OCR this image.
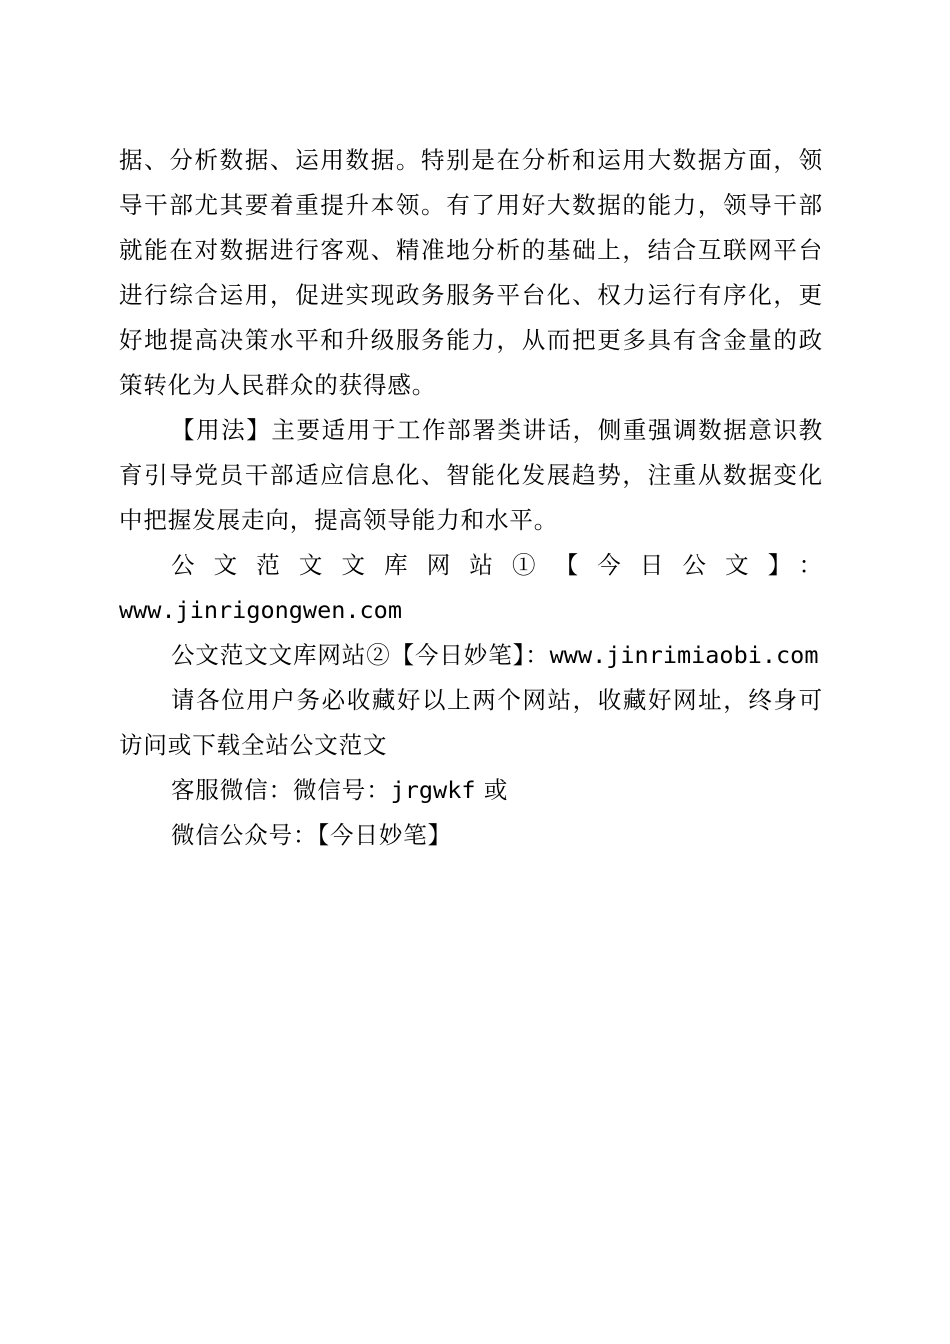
据、分析数据、运用数据。特别是在分析和运用大数据方面，领导干部尤其要着重提升本领。有了用好大数据的能力，领导干部就能在对数据进行客观、精准地分析的基础上，结合互联网平台进行综合运用，促进实现政务服务平台化、权力运行有序化，更好地提高决策水平和升级服务能力，从而把更多具有含金量的政策转化为人民群众的获得感。

【用法】主要适用于工作部署类讲话，侧重强调数据意识教育引导党员干部适应信息化、智能化发展趋势，注重从数据变化中把握发展走向，提高领导能力和水平。

公文范文文库网站①【今日公文】：

www.jinrigongwen.com

公文范文文库网站②【今日妙笔】：www.jinrimiaobi.com

请各位用户务必收藏好以上两个网站，收藏好网址，终身可访问或下载全站公文范文

客服微信：微信号：jrgwkf 或

微信公众号：【今日妙笔】
